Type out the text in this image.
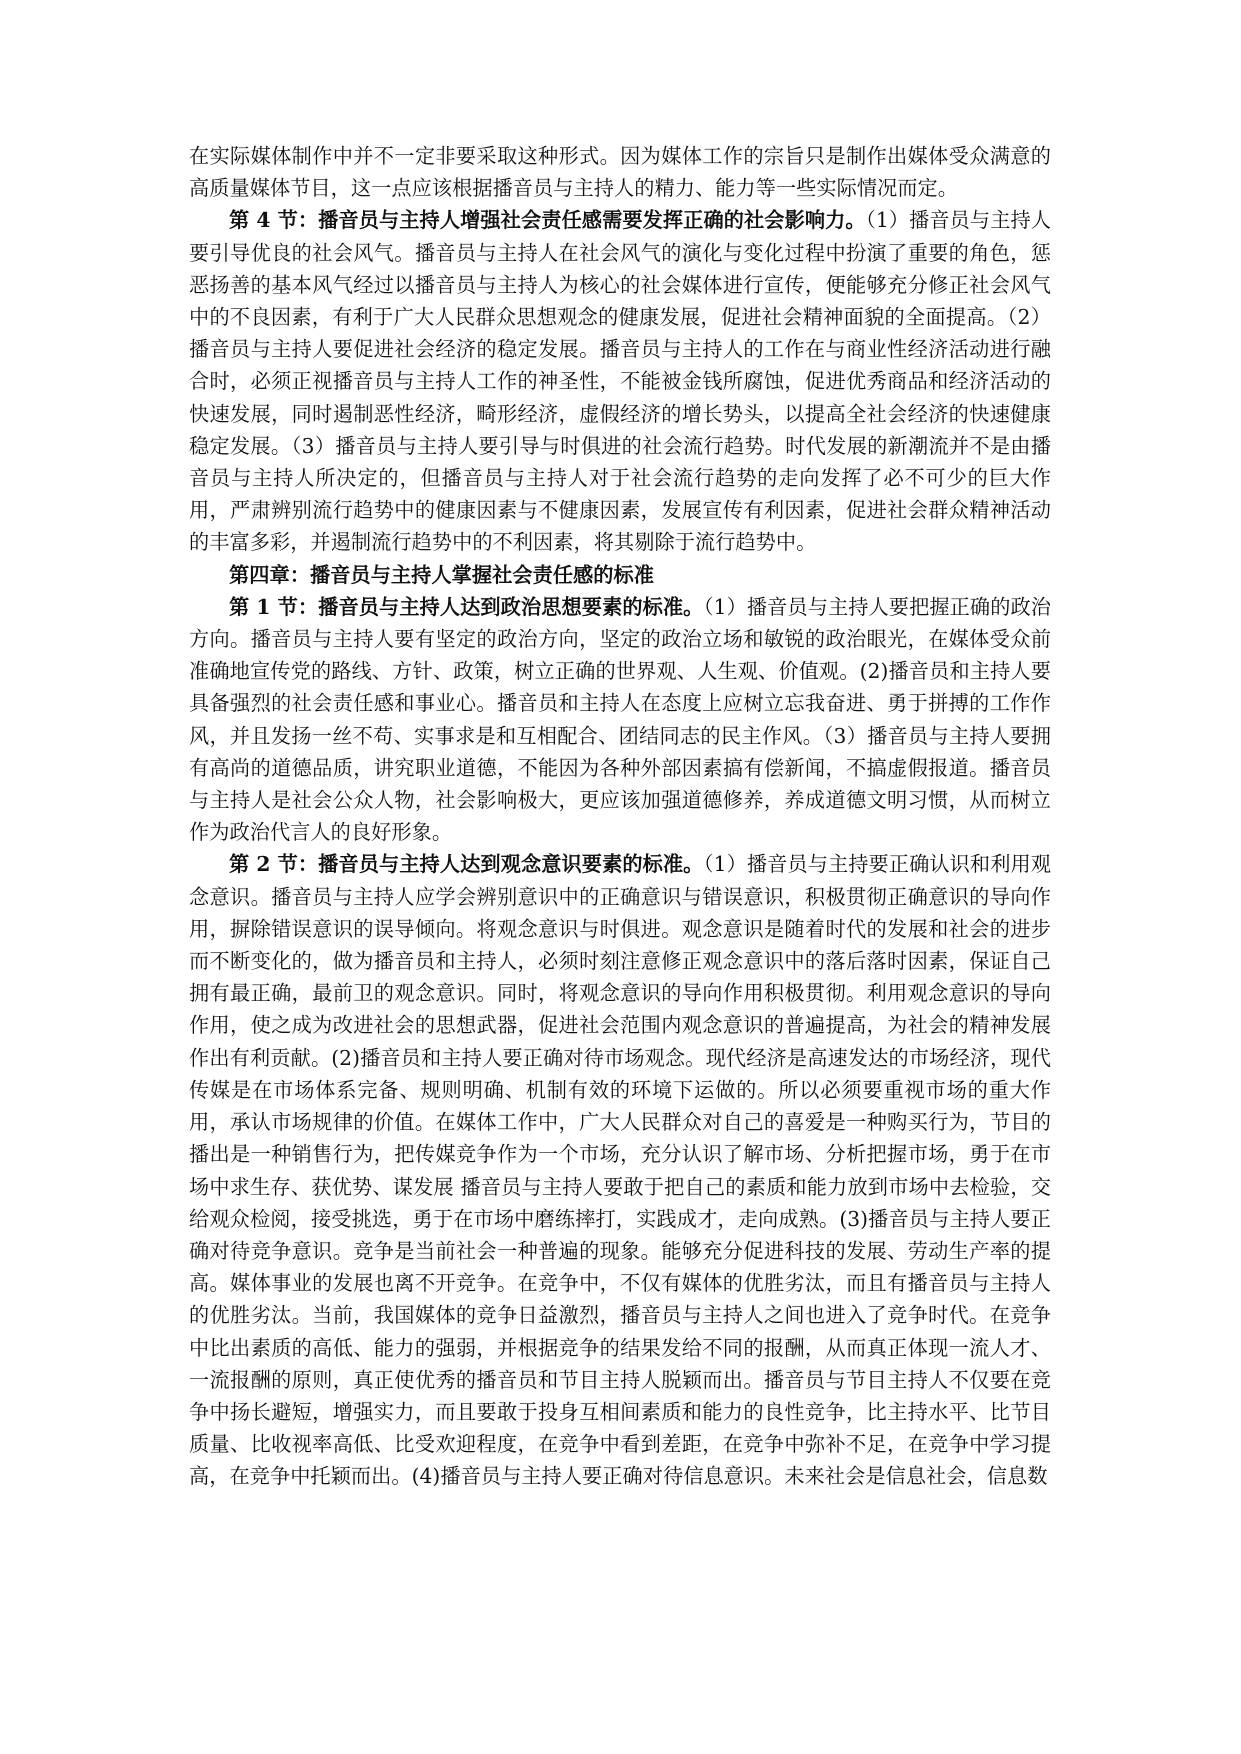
在实际媒体制作中并不一定非要采取这种形式。因为媒体工作的宗旨只是制作出媒体受众满意的高质量媒体节目，这一点应该根据播音员与主持人的精力、能力等一些实际情况而定。

第 4 节：播音员与主持人增强社会责任感需要发挥正确的社会影响力。（1）播音员与主持人要引导优良的社会风气。播音员与主持人在社会风气的演化与变化过程中扮演了重要的角色，惩恶扬善的基本风气经过以播音员与主持人为核心的社会媒体进行宣传，便能够充分修正社会风气中的不良因素，有利于广大人民群众思想观念的健康发展，促进社会精神面貌的全面提高。（2）播音员与主持人要促进社会经济的稳定发展。播音员与主持人的工作在与商业性经济活动进行融合时，必须正视播音员与主持人工作的神圣性，不能被金钱所腐蚀，促进优秀商品和经济活动的快速发展，同时遏制恶性经济，畸形经济，虚假经济的增长势头，以提高全社会经济的快速健康稳定发展。（3）播音员与主持人要引导与时俱进的社会流行趋势。时代发展的新潮流并不是由播音员与主持人所决定的，但播音员与主持人对于社会流行趋势的走向发挥了必不可少的巨大作用，严肃辨别流行趋势中的健康因素与不健康因素，发展宣传有利因素，促进社会群众精神活动的丰富多彩，并遏制流行趋势中的不利因素，将其剔除于流行趋势中。

第四章：播音员与主持人掌握社会责任感的标准

第 1 节：播音员与主持人达到政治思想要素的标准。（1）播音员与主持人要把握正确的政治方向。播音员与主持人要有坚定的政治方向，坚定的政治立场和敏锐的政治眼光，在媒体受众前准确地宣传党的路线、方针、政策，树立正确的世界观、人生观、价值观。(2)播音员和主持人要具备强烈的社会责任感和事业心。播音员和主持人在态度上应树立忘我奋进、勇于拼搏的工作作风，并且发扬一丝不苟、实事求是和互相配合、团结同志的民主作风。（3）播音员与主持人要拥有高尚的道德品质，讲究职业道德，不能因为各种外部因素搞有偿新闻，不搞虚假报道。播音员与主持人是社会公众人物，社会影响极大，更应该加强道德修养，养成道德文明习惯，从而树立作为政治代言人的良好形象。

第 2 节：播音员与主持人达到观念意识要素的标准。（1）播音员与主持要正确认识和利用观念意识。播音员与主持人应学会辨别意识中的正确意识与错误意识，积极贯彻正确意识的导向作用，摒除错误意识的误导倾向。将观念意识与时俱进。观念意识是随着时代的发展和社会的进步而不断变化的，做为播音员和主持人，必须时刻注意修正观念意识中的落后落时因素，保证自己拥有最正确，最前卫的观念意识。同时，将观念意识的导向作用积极贯彻。利用观念意识的导向作用，使之成为改进社会的思想武器，促进社会范围内观念意识的普遍提高，为社会的精神发展作出有利贡献。(2)播音员和主持人要正确对待市场观念。现代经济是高速发达的市场经济，现代传媒是在市场体系完备、规则明确、机制有效的环境下运做的。所以必须要重视市场的重大作用，承认市场规律的价值。在媒体工作中，广大人民群众对自己的喜爱是一种购买行为，节目的播出是一种销售行为，把传媒竞争作为一个市场，充分认识了解市场、分析把握市场，勇于在市场中求生存、获优势、谋发展 播音员与主持人要敢于把自己的素质和能力放到市场中去检验，交给观众检阅，接受挑选，勇于在市场中磨练摔打，实践成才，走向成熟。(3)播音员与主持人要正确对待竞争意识。竞争是当前社会一种普遍的现象。能够充分促进科技的发展、劳动生产率的提高。媒体事业的发展也离不开竞争。在竞争中，不仅有媒体的优胜劣汰，而且有播音员与主持人的优胜劣汰。当前，我国媒体的竞争日益激烈，播音员与主持人之间也进入了竞争时代。在竞争中比出素质的高低、能力的强弱，并根据竞争的结果发给不同的报酬，从而真正体现一流人才、一流报酬的原则，真正使优秀的播音员和节目主持人脱颖而出。播音员与节目主持人不仅要在竞争中扬长避短，增强实力，而且要敢于投身互相间素质和能力的良性竞争，比主持水平、比节目质量、比收视率高低、比受欢迎程度，在竞争中看到差距，在竞争中弥补不足，在竞争中学习提高，在竞争中托颖而出。(4)播音员与主持人要正确对待信息意识。未来社会是信息社会，信息数
